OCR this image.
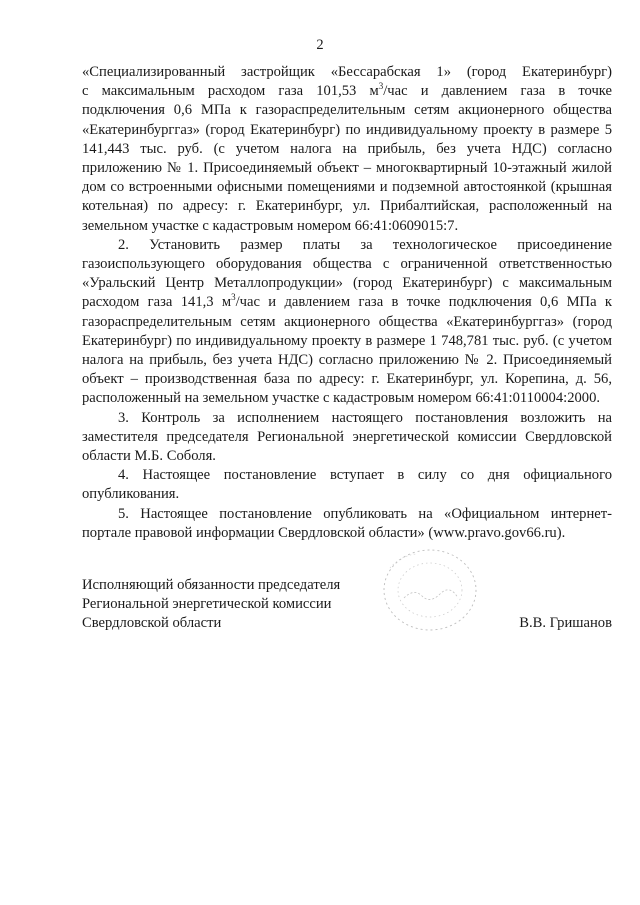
2

«Специализированный застройщик «Бессарабская 1» (город Екатеринбург)

с максимальным расходом газа 101,53 $м^3$/час и давлением газа в точке

подключения 0,6 МПа к газораспределительным сетям акционерного общества «Екатеринбурггаз» (город Екатеринбург) по индивидуальному проекту в размере 5 141,443 тыс. руб. (с учетом налога на прибыль, без учета НДС) согласно приложению № 1. Присоединяемый объект – многоквартирный 10-этажный жилой дом со встроенными офисными помещениями и подземной автостоянкой (крышная котельная) по адресу: г. Екатеринбург, ул. Прибалтийская, расположенный на земельном участке с кадастровым номером 66:41:0609015:7.

2. Установить размер платы за технологическое присоединение газоиспользующего оборудования общества с ограниченной ответственностью «Уральский Центр Металлопродукции» (город Екатеринбург) с максимальным расходом газа 141,3 $м^3$/час и давлением газа в точке подключения 0,6 МПа к газораспределительным сетям акционерного общества «Екатеринбурггаз» (город Екатеринбург) по индивидуальному проекту в размере 1 748,781 тыс. руб. (с учетом налога на прибыль, без учета НДС) согласно приложению № 2. Присоединяемый объект – производственная база по адресу: г. Екатеринбург, ул. Корепина, д. 56, расположенный на земельном участке с кадастровым номером 66:41:0110004:2000.

3. Контроль за исполнением настоящего постановления возложить на заместителя председателя Региональной энергетической комиссии Свердловской области М.Б. Соболя.

4. Настоящее постановление вступает в силу со дня официального опубликования.

5. Настоящее постановление опубликовать на «Официальном интернет-портале правовой информации Свердловской области» (www.pravo.gov66.ru).

Исполняющий обязанности председателя

Региональной энергетической комиссии

Свердловской области	В.В. Гришанов
